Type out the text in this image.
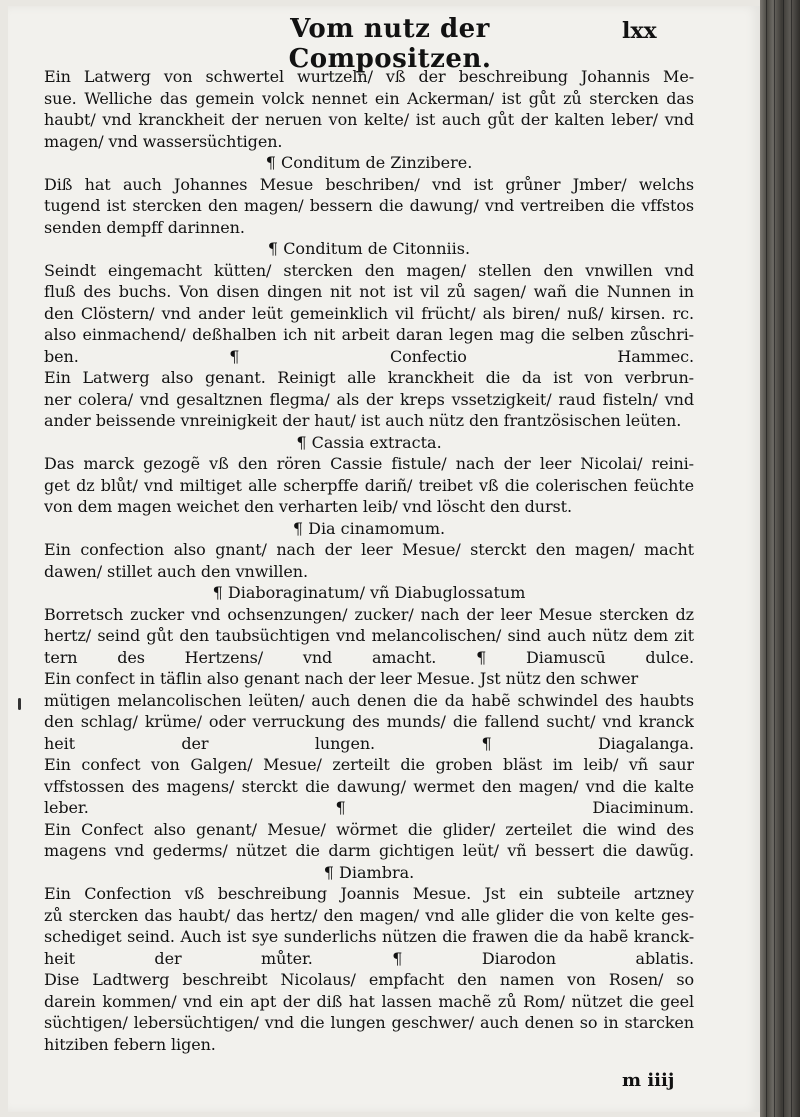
Vom nutz der Compositzen.
lxx
Ein Latwerg von schwertel wurtzeln/ vß der beschreibung Johannis Me-
sue. Welliche das gemein volck nennet ein Ackerman/ ist gůt zů stercken das
haubt/ vnd kranckheit der neruen von kelte/ ist auch gůt der kalten leber/ vnd
magen/ vnd wassersüchtigen.
¶ Conditum de Zinzibere.
Diß hat auch Johannes Mesue beschriben/ vnd ist grůner Jmber/ welchs
tugend ist stercken den magen/ bessern die dawung/ vnd vertreiben die vffstos
senden dempff darinnen.
¶ Conditum de Citonniis.
Seindt eingemacht kütten/ stercken den magen/ stellen den vnwillen vnd
fluß des buchs. Von disen dingen nit not ist vil zů sagen/ wañ die Nunnen in
den Clöstern/ vnd ander leüt gemeinklich vil frücht/ als biren/ nuß/ kirsen. rc.
also einmachend/ deßhalben ich nit arbeit daran legen mag die selben zůschri-
ben. ¶ Confectio Hammec.
Ein Latwerg also genant. Reinigt alle kranckheit die da ist von verbrun-
ner colera/ vnd gesaltznen flegma/ als der kreps vssetzigkeit/ raud fisteln/ vnd
ander beissende vnreinigkeit der haut/ ist auch nütz den frantzösischen leüten.
¶ Cassia extracta.
Das marck gezogẽ vß den rören Cassie fistule/ nach der leer Nicolai/ reini-
get dz blůt/ vnd miltiget alle scherpffe dariñ/ treibet vß die colerischen feüchte
von dem magen weichet den verharten leib/ vnd löscht den durst.
¶ Dia cinamomum.
Ein confection also gnant/ nach der leer Mesue/ sterckt den magen/ macht
dawen/ stillet auch den vnwillen.
¶ Diaboraginatum/ vñ Diabuglossatum
Borretsch zucker vnd ochsenzungen/ zucker/ nach der leer Mesue stercken dz
hertz/ seind gůt den taubsüchtigen vnd melancolischen/ sind auch nütz dem zit
tern des Hertzens/ vnd amacht. ¶ Diamuscū dulce.
Ein confect in täflin also genant nach der leer Mesue. Jst nütz den schwer
mütigen melancolischen leüten/ auch denen die da habẽ schwindel des haubts
den schlag/ krüme/ oder verruckung des munds/ die fallend sucht/ vnd kranck
heit der lungen. ¶ Diagalanga.
Ein confect von Galgen/ Mesue/ zerteilt die groben bläst im leib/ vñ saur
vffstossen des magens/ sterckt die dawung/ wermet den magen/ vnd die kalte
leber. ¶ Diaciminum.
Ein Confect also genant/ Mesue/ wörmet die glider/ zerteilet die wind des
magens vnd gederms/ nützet die darm gichtigen leüt/ vñ bessert die dawũg.
¶ Diambra.
Ein Confection vß beschreibung Joannis Mesue. Jst ein subteile artzney
zů stercken das haubt/ das hertz/ den magen/ vnd alle glider die von kelte ges-
schediget seind. Auch ist sye sunderlichs nützen die frawen die da habẽ kranck-
heit der můter. ¶ Diarodon ablatis.
Dise Ladtwerg beschreibt Nicolaus/ empfacht den namen von Rosen/ so
darein kommen/ vnd ein apt der diß hat lassen machẽ zů Rom/ nützet die geel
süchtigen/ lebersüchtigen/ vnd die lungen geschwer/ auch denen so in starcken
hitziben febern ligen.
m iiij
